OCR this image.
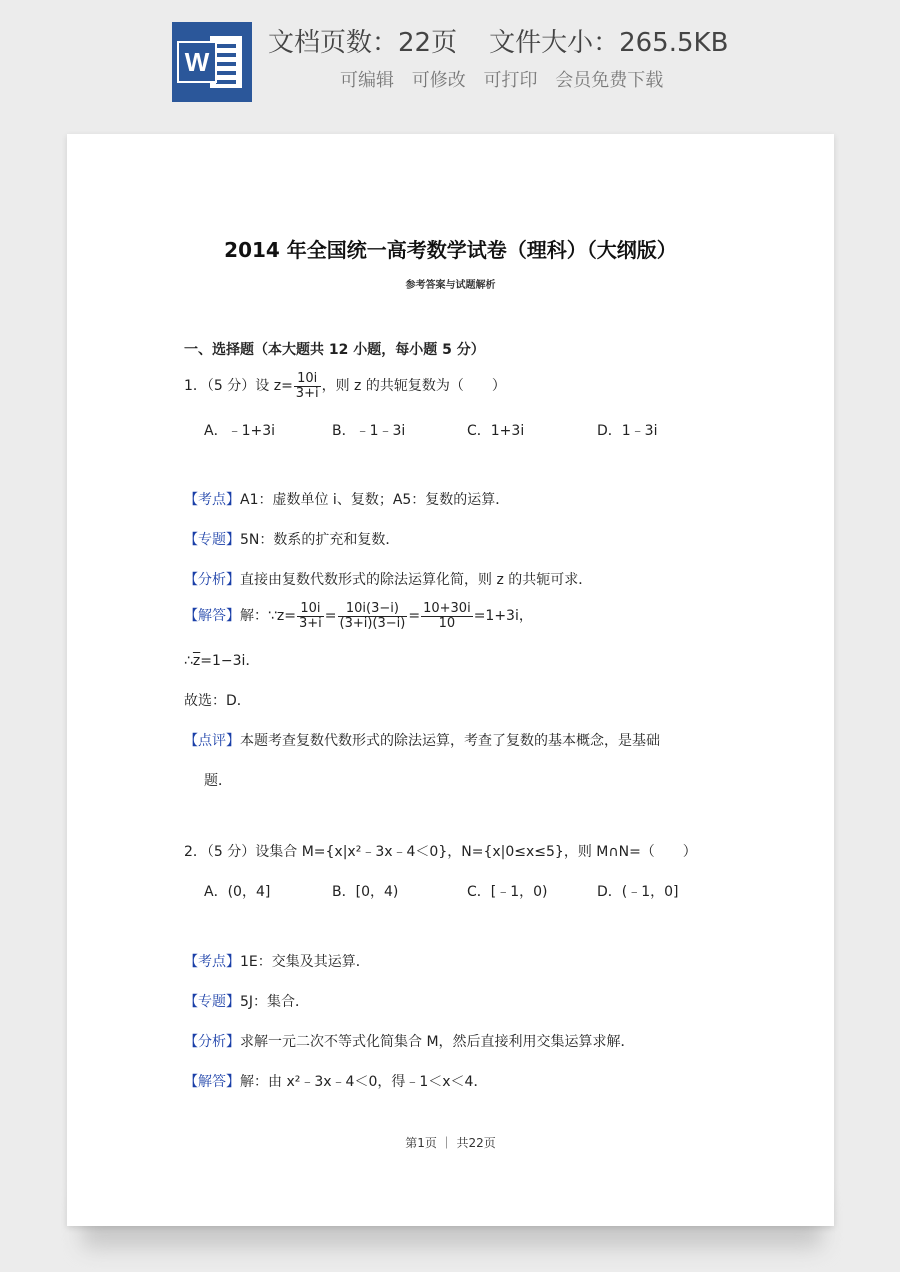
W
文档页数：22页 文件大小：265.5KB
可编辑 可修改 可打印 会员免费下载
2014 年全国统一高考数学试卷（理科）（大纲版）
参考答案与试题解析
一、选择题（本大题共 12 小题，每小题 5 分）
1．（5 分）设 $z= \frac{10i}{3+i}$ ，则 z 的共轭复数为（　　）
A．﹣1+3i	B．﹣1﹣3i	C．1+3i	D．1﹣3i
【考点】A1：虚数单位 i、复数；A5：复数的运算．
【专题】5N：数系的扩充和复数．
【分析】直接由复数代数形式的除法运算化简，则 z 的共轭可求．
【解答】解：∵z= $\frac{10i}{3+i} = \frac{10i(3-i)}{(3+i)(3-i)} = \frac{10+30i}{10} =1+3i$，
$\therefore\overline{z}=1-3i$．
故选：D．
【点评】本题考查复数代数形式的除法运算，考查了复数的基本概念，是基础
题．
2．（5 分）设集合 M={x|x²﹣3x﹣4＜0}，N={x|0≤x≤5}，则 M∩N=（　　）
A．(0，4]	B．[0，4)	C．[﹣1，0)	D．(﹣1，0]
【考点】1E：交集及其运算．
【专题】5J：集合．
【分析】求解一元二次不等式化简集合 M，然后直接利用交集运算求解．
【解答】解：由 x²﹣3x﹣4＜0，得﹣1＜x＜4．
第1页 ｜ 共22页
